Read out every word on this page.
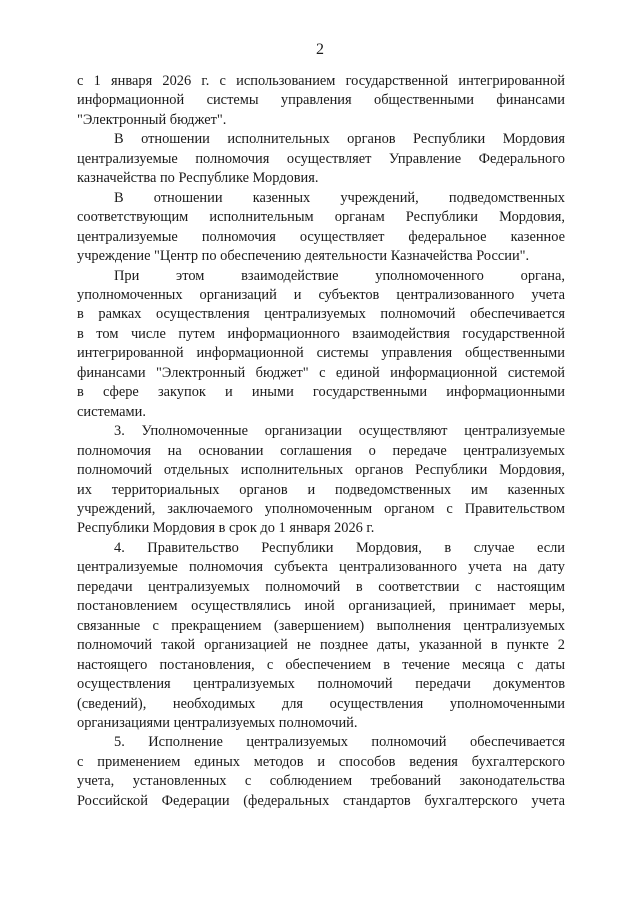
2

с 1 января 2026 г. с использованием государственной интегрированной
информационной системы управления общественными финансами
"Электронный бюджет".

В отношении исполнительных органов Республики Мордовия
централизуемые полномочия осуществляет Управление Федерального
казначейства по Республике Мордовия.

В отношении казенных учреждений, подведомственных
соответствующим исполнительным органам Республики Мордовия,
централизуемые полномочия осуществляет федеральное казенное
учреждение "Центр по обеспечению деятельности Казначейства России".

При этом взаимодействие уполномоченного органа,
уполномоченных организаций и субъектов централизованного учета
в рамках осуществления централизуемых полномочий обеспечивается
в том числе путем информационного взаимодействия государственной
интегрированной информационной системы управления общественными
финансами "Электронный бюджет" с единой информационной системой
в сфере закупок и иными государственными информационными
системами.

3. Уполномоченные организации осуществляют централизуемые
полномочия на основании соглашения о передаче централизуемых
полномочий отдельных исполнительных органов Республики Мордовия,
их территориальных органов и подведомственных им казенных
учреждений, заключаемого уполномоченным органом с Правительством
Республики Мордовия в срок до 1 января 2026 г.

4. Правительство Республики Мордовия, в случае если
централизуемые полномочия субъекта централизованного учета на дату
передачи централизуемых полномочий в соответствии с настоящим
постановлением осуществлялись иной организацией, принимает меры,
связанные с прекращением (завершением) выполнения централизуемых
полномочий такой организацией не позднее даты, указанной в пункте 2
настоящего постановления, с обеспечением в течение месяца с даты
осуществления централизуемых полномочий передачи документов
(сведений), необходимых для осуществления уполномоченными
организациями централизуемых полномочий.

5. Исполнение централизуемых полномочий обеспечивается
с применением единых методов и способов ведения бухгалтерского
учета, установленных с соблюдением требований законодательства
Российской Федерации (федеральных стандартов бухгалтерского учета
